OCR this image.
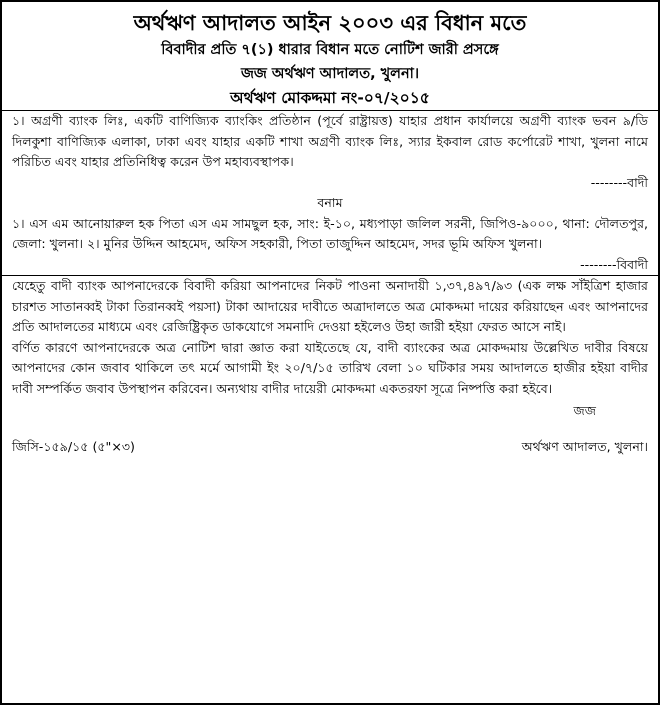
অর্থঋণ আদালত আইন ২০০৩ এর বিধান মতে
বিবাদীর প্রতি ৭(১) ধারার বিধান মতে নোটিশ জারী প্রসঙ্গে
জজ অর্থঋণ আদালত, খুলনা।
অর্থঋণ মোকদ্দমা নং-০৭/২০১৫

১। অগ্রণী ব্যাংক লিঃ, একটি বাণিজ্যিক ব্যাংকিং প্রতিষ্ঠান (পূর্বে রাষ্ট্রায়ত্ত) যাহার প্রধান কার্যালয়ে অগ্রণী ব্যাংক ভবন ৯/ডি দিলকুশা বাণিজ্যিক এলাকা, ঢাকা এবং যাহার একটি শাখা অগ্রণী ব্যাংক লিঃ, স্যার ইকবাল রোড কর্পোরেট শাখা, খুলনা নামে পরিচিত এবং যাহার প্রতিনিধিত্ব করেন উপ মহাব্যবস্থাপক।

--------বাদী
বনাম

১। এস এম আনোয়ারুল হক পিতা এস এম সামছুল হক, সাং: ই-১০, মধ্যপাড়া জলিল সরনী, জিপিও-৯০০০, থানা: দৌলতপুর, জেলা: খুলনা। ২। মুনির উদ্দিন আহমেদ, অফিস সহকারী, পিতা তাজুদ্দিন আহমেদ, সদর ভূমি অফিস খুলনা।

--------বিবাদী

যেহেতু বাদী ব্যাংক আপনাদেরকে বিবাদী করিয়া আপনাদের নিকট পাওনা অনাদায়ী ১,৩৭,৪৯৭/৯৩ (এক লক্ষ সাঁইত্রিশ হাজার চারশত সাতানব্বই টাকা তিরানব্বই পয়সা) টাকা আদায়ের দাবীতে অত্রাদালতে অত্র মোকদ্দমা দায়ের করিয়াছেন এবং আপনাদের প্রতি আদালতের মাধ্যমে এবং রেজিষ্ট্রিকৃত ডাকযোগে সমনাদি দেওয়া হইলেও উহা জারী হইয়া ফেরত আসে নাই।

বর্ণিত কারণে আপনাদেরকে অত্র নোটিশ দ্বারা জ্ঞাত করা যাইতেছে যে, বাদী ব্যাংকের অত্র মোকদ্দমায় উল্লেখিত দাবীর বিষয়ে আপনাদের কোন জবাব থাকিলে তৎ মর্মে আগামী ইং ২০/৭/১৫ তারিখ বেলা ১০ ঘটিকার সময় আদালতে হাজীর হইয়া বাদীর দাবী সম্পর্কিত জবাব উপস্থাপন করিবেন। অন্যথায় বাদীর দায়েরী মোকদ্দমা একতরফা সূত্রে নিষ্পত্তি করা হইবে।

জজ
জিসি-১৫৯/১৫ (৫"×৩)	অর্থঋণ আদালত, খুলনা।
